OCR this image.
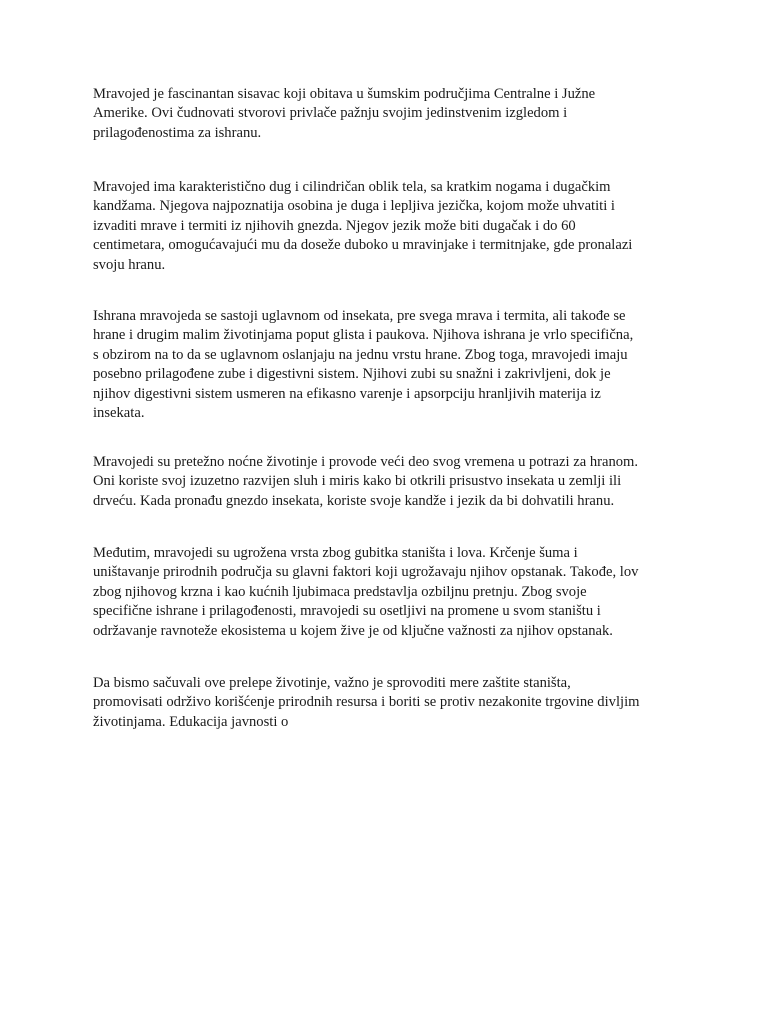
Mravojed je fascinantan sisavac koji obitava u šumskim područjima Centralne i Južne
Amerike. Ovi čudnovati stvorovi privlače pažnju svojim jedinstvenim izgledom i
prilagođenostima za ishranu.

Mravojed ima karakteristično dug i cilindričan oblik tela, sa kratkim nogama i dugačkim
kandžama. Njegova najpoznatija osobina je duga i lepljiva jezička, kojom može uhvatiti i
izvaditi mrave i termiti iz njihovih gnezda. Njegov jezik može biti dugačak i do 60
centimetara, omogućavajući mu da doseže duboko u mravinjake i termitnjake, gde pronalazi
svoju hranu.

Ishrana mravojeda se sastoji uglavnom od insekata, pre svega mrava i termita, ali takođe se
hrane i drugim malim životinjama poput glista i paukova. Njihova ishrana je vrlo specifična,
s obzirom na to da se uglavnom oslanjaju na jednu vrstu hrane. Zbog toga, mravojedi imaju
posebno prilagođene zube i digestivni sistem. Njihovi zubi su snažni i zakrivljeni, dok je
njihov digestivni sistem usmeren na efikasno varenje i apsorpciju hranljivih materija iz
insekata.

Mravojedi su pretežno noćne životinje i provode veći deo svog vremena u potrazi za hranom.
Oni koriste svoj izuzetno razvijen sluh i miris kako bi otkrili prisustvo insekata u zemlji ili
drveću. Kada pronađu gnezdo insekata, koriste svoje kandže i jezik da bi dohvatili hranu.

Međutim, mravojedi su ugrožena vrsta zbog gubitka staništa i lova. Krčenje šuma i
uništavanje prirodnih područja su glavni faktori koji ugrožavaju njihov opstanak. Takođe, lov
zbog njihovog krzna i kao kućnih ljubimaca predstavlja ozbiljnu pretnju. Zbog svoje
specifične ishrane i prilagođenosti, mravojedi su osetljivi na promene u svom staništu i
održavanje ravnoteže ekosistema u kojem žive je od ključne važnosti za njihov opstanak.

Da bismo sačuvali ove prelepe životinje, važno je sprovoditi mere zaštite staništa,
promovisati održivo korišćenje prirodnih resursa i boriti se protiv nezakonite trgovine divljim
životinjama. Edukacija javnosti o
